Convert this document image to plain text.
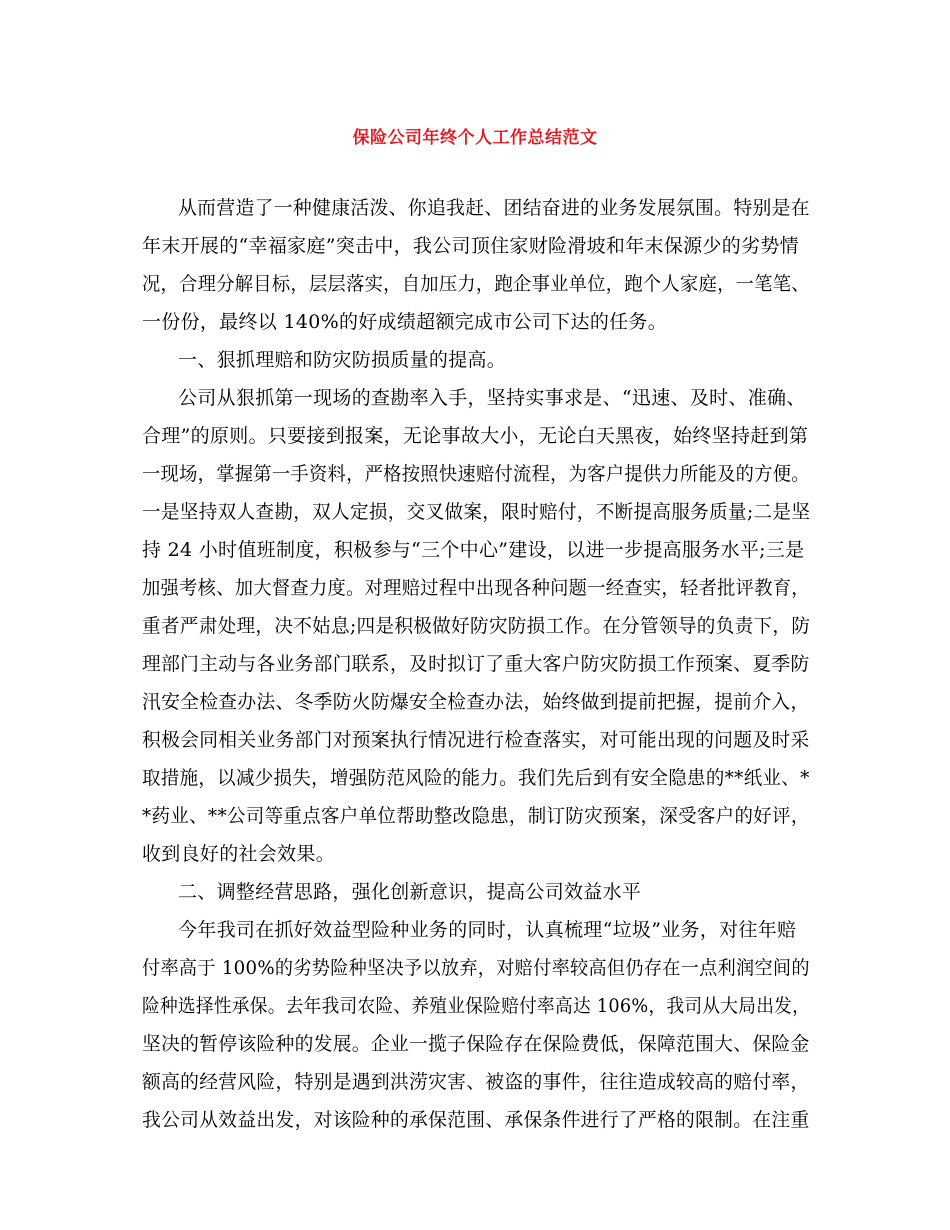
保险公司年终个人工作总结范文
从而营造了一种健康活泼、你追我赶、团结奋进的业务发展氛围。特别是在
年末开展的“幸福家庭”突击中，我公司顶住家财险滑坡和年末保源少的劣势情
况，合理分解目标，层层落实，自加压力，跑企事业单位，跑个人家庭，一笔笔、
一份份，最终以 140%的好成绩超额完成市公司下达的任务。
一、狠抓理赔和防灾防损质量的提高。
公司从狠抓第一现场的查勘率入手，坚持实事求是、“迅速、及时、准确、
合理”的原则。只要接到报案，无论事故大小，无论白天黑夜，始终坚持赶到第
一现场，掌握第一手资料，严格按照快速赔付流程，为客户提供力所能及的方便。
一是坚持双人查勘，双人定损，交叉做案，限时赔付，不断提高服务质量;二是坚
持 24 小时值班制度，积极参与“三个中心”建设，以进一步提高服务水平;三是
加强考核、加大督查力度。对理赔过程中出现各种问题一经查实，轻者批评教育，
重者严肃处理，决不姑息;四是积极做好防灾防损工作。在分管领导的负责下，防
理部门主动与各业务部门联系，及时拟订了重大客户防灾防损工作预案、夏季防
汛安全检查办法、冬季防火防爆安全检查办法，始终做到提前把握，提前介入，
积极会同相关业务部门对预案执行情况进行检查落实，对可能出现的问题及时采
取措施，以减少损失，增强防范风险的能力。我们先后到有安全隐患的**纸业、*
*药业、**公司等重点客户单位帮助整改隐患，制订防灾预案，深受客户的好评，
收到良好的社会效果。
二、调整经营思路，强化创新意识，提高公司效益水平
今年我司在抓好效益型险种业务的同时，认真梳理“垃圾”业务，对往年赔
付率高于 100%的劣势险种坚决予以放弃，对赔付率较高但仍存在一点利润空间的
险种选择性承保。去年我司农险、养殖业保险赔付率高达 106%，我司从大局出发，
坚决的暂停该险种的发展。企业一揽子保险存在保险费低，保障范围大、保险金
额高的经营风险，特别是遇到洪涝灾害、被盗的事件，往往造成较高的赔付率，
我公司从效益出发，对该险种的承保范围、承保条件进行了严格的限制。在注重
